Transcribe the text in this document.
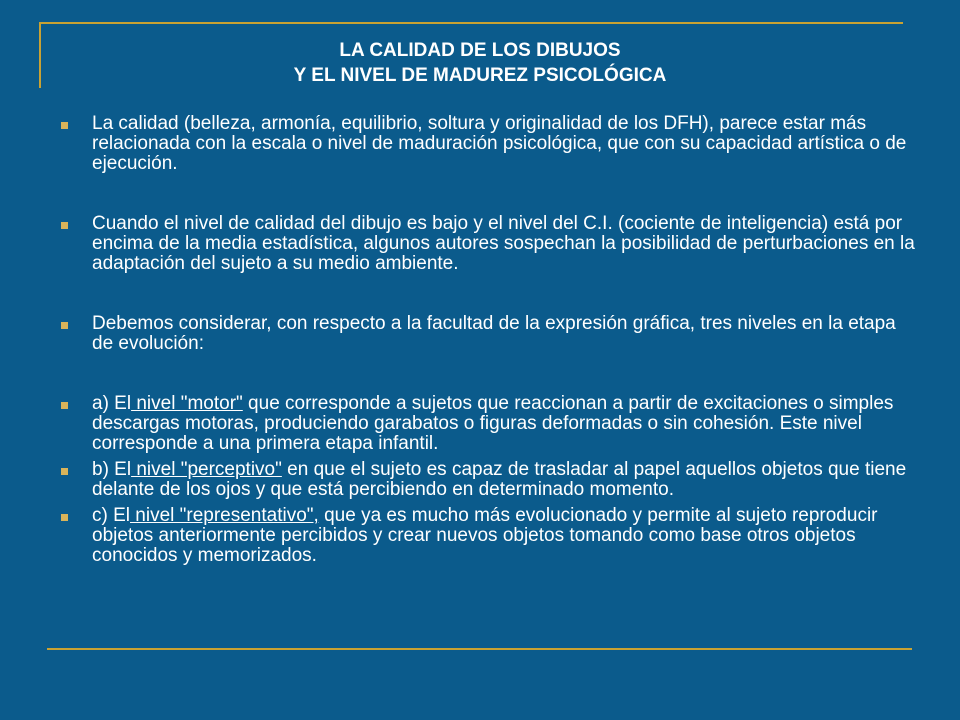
LA CALIDAD DE LOS DIBUJOS
Y EL NIVEL DE MADUREZ PSICOLÓGICA
La calidad (belleza, armonía, equilibrio, soltura y originalidad de los DFH), parece estar más relacionada con la escala o nivel de maduración psicológica, que con su capacidad artística o de ejecución.
Cuando el nivel de calidad del dibujo es bajo y el nivel del C.I. (cociente de inteligencia) está por encima de la media estadística, algunos autores sospechan la posibilidad de perturbaciones en la adaptación del sujeto a su medio ambiente.
Debemos considerar, con respecto a la facultad de la expresión gráfica, tres niveles en la etapa de evolución:
a) El nivel "motor" que corresponde a sujetos que reaccionan a partir de excitaciones o simples descargas motoras, produciendo garabatos o figuras deformadas o sin cohesión. Este nivel corresponde a una primera etapa infantil.
b) El nivel "perceptivo" en que el sujeto es capaz de trasladar al papel aquellos objetos que tiene delante de los ojos y que está percibiendo en determinado momento.
c) El nivel "representativo", que ya es mucho más evolucionado y permite al sujeto reproducir objetos anteriormente percibidos y crear nuevos objetos tomando como base otros objetos conocidos y memorizados.
